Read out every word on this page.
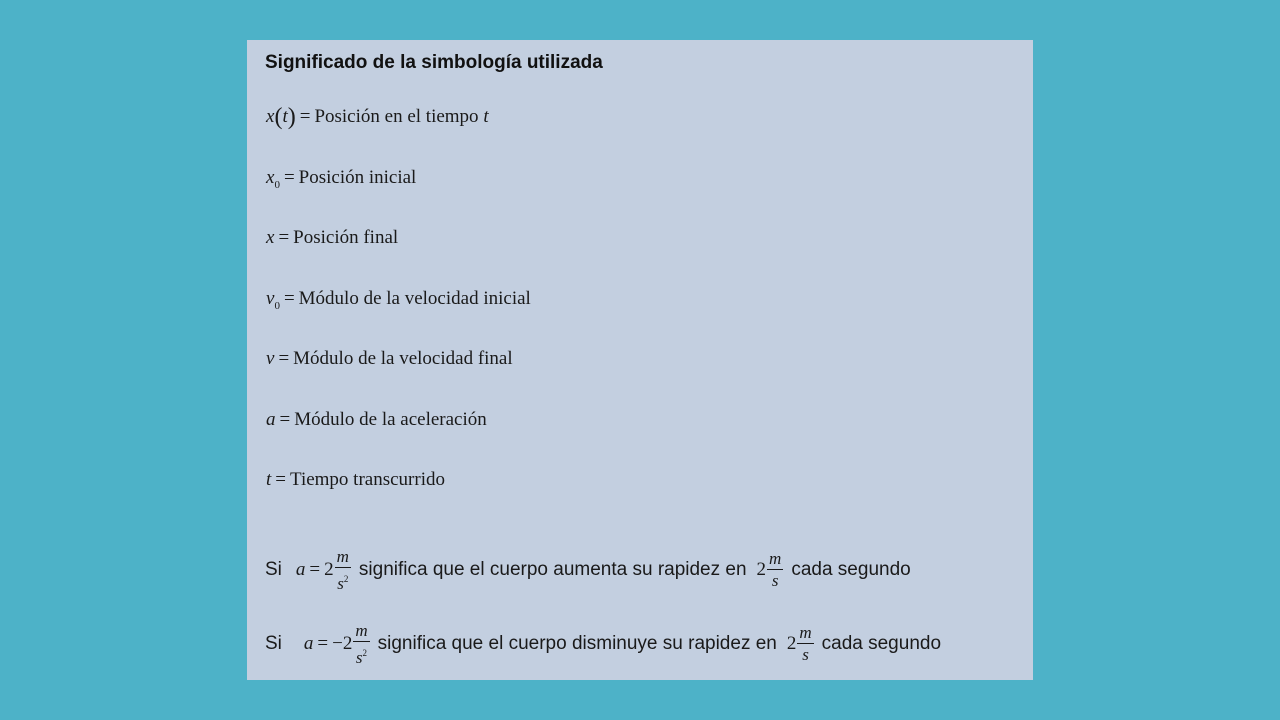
Significado de la simbología utilizada
x(t) = Posición en el tiempo t
$x_0$ = Posición inicial
x = Posición final
$v_0$ = Módulo de la velocidad inicial
v = Módulo de la velocidad final
a = Módulo de la aceleración
t = Tiempo transcurrido
Si $a = 2 \frac{m}{s^2}$ significa que el cuerpo aumenta su rapidez en $2 \frac{m}{s}$ cada segundo
Si $a = -2 \frac{m}{s^2}$ significa que el cuerpo disminuye su rapidez en $2 \frac{m}{s}$ cada segundo
